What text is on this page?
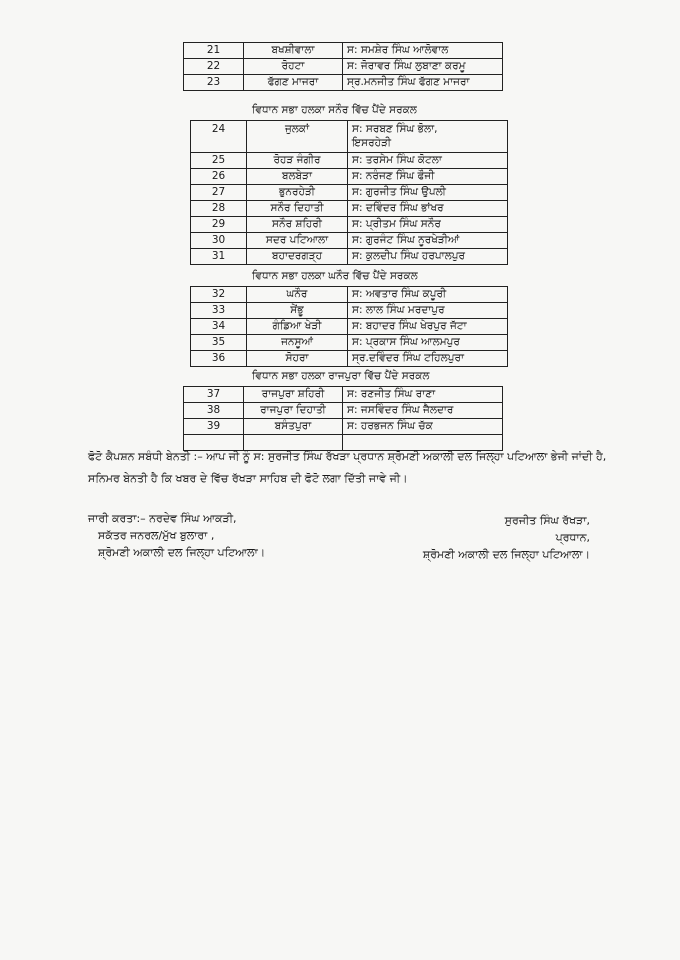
21	ਬਖਸ਼ੀਵਾਲਾ	ਸ: ਸਮਸ਼ੇਰ ਸਿੰਘ ਆਲੋਵਾਲ
22	ਰੋਹਟਾ	ਸ: ਜੋਰਾਵਰ ਸਿੰਘ ਲੁਬਾਣਾ ਕਰਮੂ
23	ਫੱਗਣ ਮਾਜਰਾ	ਸ੍ਰ.ਮਨਜੀਤ ਸਿੰਘ ਫੱਗਣ ਮਾਜਰਾ
ਵਿਧਾਨ ਸਭਾ ਹਲਕਾ ਸਨੌਰ ਵਿੱਚ ਪੈਂਦੇ ਸਰਕਲ
24	ਜੁਲਕਾਂ	ਸ: ਸਰਬਣ ਸਿੰਘ ਭੋਲਾ,
ਇਸਰਹੇੜੀ

25	ਰੋਹੜ ਜੰਗੀਰ	ਸ: ਤਰਸੇਮ ਸਿੰਘ ਕੋਟਲਾ
26	ਬਲਬੇੜਾ	ਸ: ਨਰੰਜਣ ਸਿੰਘ ਫੌਜੀ
27	ਭੁਨਰਹੇੜੀ	ਸ: ਗੁਰਜੀਤ ਸਿੰਘ ਉਪਲੀ
28	ਸਨੌਰ ਦਿਹਾਤੀ	ਸ: ਦਵਿੰਦਰ ਸਿੰਘ ਭਾਂਖਰ
29	ਸਨੌਰ ਸ਼ਹਿਰੀ	ਸ: ਪ੍ਰੀਤਮ ਸਿੰਘ ਸਨੌਰ
30	ਸਦਰ ਪਟਿਆਲਾ	ਸ: ਗੁਰਜੰਟ ਸਿੰਘ ਨੂਰਖੇੜੀਆਂ
31	ਬਹਾਦਰਗੜ੍ਹ	ਸ: ਕੁਲਦੀਪ ਸਿੰਘ ਹਰਪਾਲਪੁਰ
ਵਿਧਾਨ ਸਭਾ ਹਲਕਾ ਘਨੌਰ ਵਿੱਚ ਪੈਂਦੇ ਸਰਕਲ
32	ਘਨੌਰ	ਸ: ਅਵਤਾਰ ਸਿੰਘ ਕਪੂਰੀ
33	ਸੇਂਭੂ	ਸ: ਲਾਲ ਸਿੰਘ ਮਰਦਾਪੁਰ
34	ਗੰਡਿਆ ਖੇੜੀ	ਸ: ਬਹਾਦਰ ਸਿੰਘ ਖੇਰਪੁਰ ਜੱਟਾ
35	ਜਨਸੂਆਂ	ਸ: ਪ੍ਰਕਾਸ ਸਿੰਘ ਆਲਮਪੁਰ
36	ਸੋਹਰਾ	ਸ੍ਰ.ਦਵਿੰਦਰ ਸਿੰਘ ਟਹਿਲਪੁਰਾ
ਵਿਧਾਨ ਸਭਾ ਹਲਕਾ ਰਾਜਪੁਰਾ ਵਿੱਚ ਪੈਂਦੇ ਸਰਕਲ
37	ਰਾਜਪੁਰਾ ਸ਼ਹਿਰੀ	ਸ: ਰਣਜੀਤ ਸਿੰਘ ਰਾਣਾ
38	ਰਾਜਪੁਰਾ ਦਿਹਾਤੀ	ਸ: ਜਸਵਿੰਦਰ ਸਿੰਘ ਜੈਲਦਾਰ
39	ਬਸੰਤਪੁਰਾ	ਸ: ਹਰਭਜਨ ਸਿੰਘ ਚੱਕ

ਫੋਟੋ ਕੈਪਸ਼ਨ ਸਬੰਧੀ ਬੇਨਤੀ :– ਆਪ ਜੀ ਨੂੰ ਸ: ਸੁਰਜੀਤ ਸਿੰਘ ਰੱਖੜਾ ਪ੍ਰਧਾਨ ਸ਼੍ਰੋਮਣੀ ਅਕਾਲੀ ਦਲ ਜਿਲ੍ਹਾ ਪਟਿਆਲਾ ਭੇਜੀ ਜਾਂਦੀ ਹੈ, ਸਨਿਮਰ ਬੇਨਤੀ ਹੈ ਕਿ ਖਬਰ ਦੇ ਵਿੱਚ ਰੱਖੜਾ ਸਾਹਿਬ ਦੀ ਫੋਟੋ ਲਗਾ ਦਿੱਤੀ ਜਾਵੇ ਜੀ।
ਜਾਰੀ ਕਰਤਾ:– ਨਰਦੇਵ ਸਿੰਘ ਆਕੜੀ,
ਸਕੱਤਰ ਜਨਰਲ/ਮੁੱਖ ਬੁਲਾਰਾ ,
ਸ਼੍ਰੋਮਣੀ ਅਕਾਲੀ ਦਲ ਜਿਲ੍ਹਾ ਪਟਿਆਲਾ।
ਸੁਰਜੀਤ ਸਿੰਘ ਰੱਖੜਾ,
ਪ੍ਰਧਾਨ,
ਸ਼੍ਰੋਮਣੀ ਅਕਾਲੀ ਦਲ ਜਿਲ੍ਹਾ ਪਟਿਆਲਾ।
